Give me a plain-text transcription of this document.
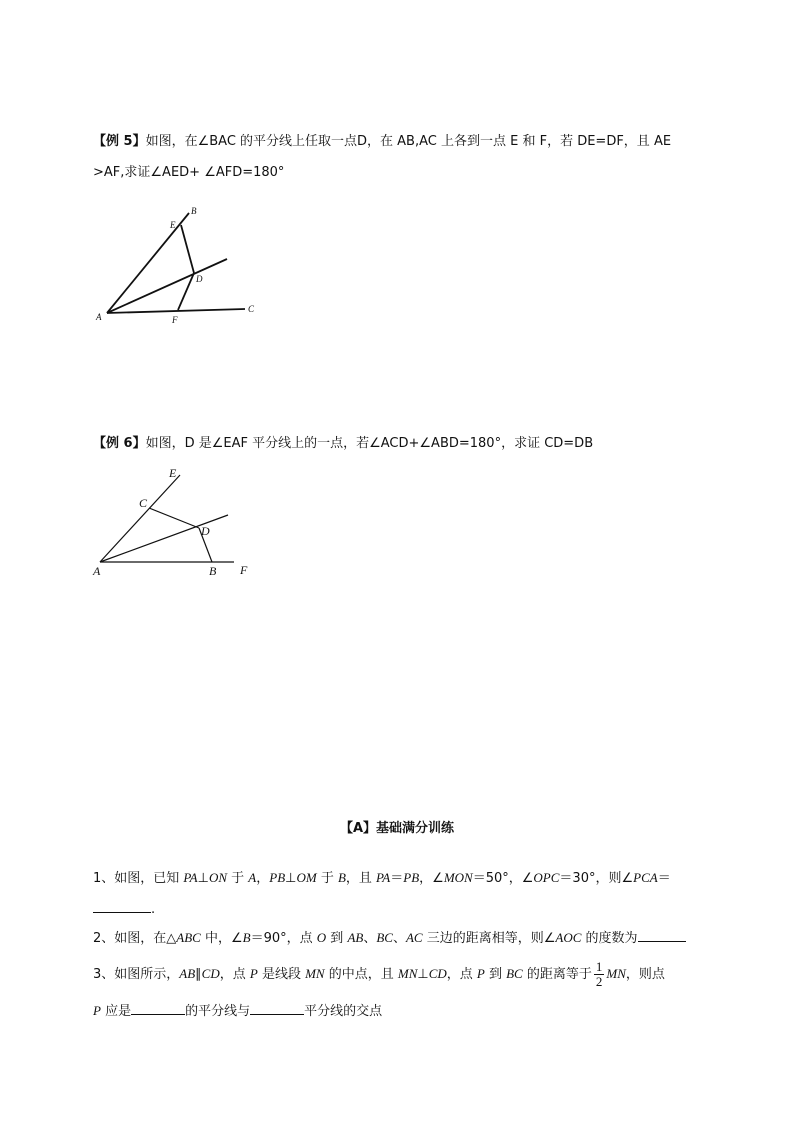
【例 5】如图，在∠BAC 的平分线上任取一点D，在 AB,AC 上各到一点 E 和 F，若 DE=DF，且 AE
>AF,求证∠AED+ ∠AFD=180°
A
B
C
D
E
F
【例 6】如图，D 是∠EAF 平分线上的一点，若∠ACD+∠ABD=180°，求证 CD=DB
A	B
C
D
E
F
【A】基础满分训练
1、如图，已知 PA⊥ON 于 A，PB⊥OM 于 B，且 PA＝PB，∠MON＝50°，∠OPC＝30°，则∠PCA＝
.
2、如图，在△ABC 中，∠B＝90°，点 O 到 AB、BC、AC 三边的距离相等，则∠AOC 的度数为
3、如图所示，AB∥CD，点 P 是线段 MN 的中点，且 MN⊥CD，点 P 到 BC 的距离等于 $\frac{1}{2}$ MN，则点
P 应是	的平分线与	平分线的交点
